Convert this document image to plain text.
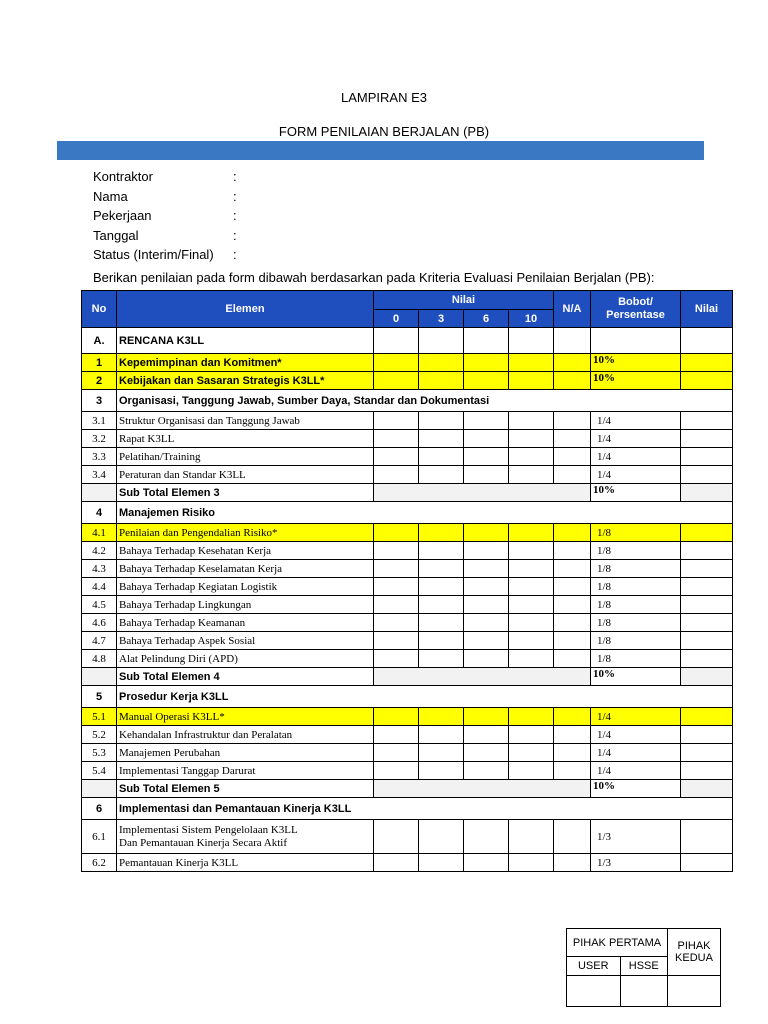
LAMPIRAN E3
FORM PENILAIAN BERJALAN (PB)
Kontraktor	:
Nama	:
Pekerjaan	:
Tanggal	:
Status (Interim/Final)	:
Berikan penilaian pada form dibawah berdasarkan pada Kriteria Evaluasi Penilaian Berjalan (PB):
No	Elemen	Nilai				N/A	Bobot/ Persentase	Nilai
		0	3	6	10			
A.	RENCANA K3LL							
1	Kepemimpinan dan Komitmen*						10%	
2	Kebijakan dan Sasaran Strategis K3LL*						10%	
3	Organisasi, Tanggung Jawab, Sumber Daya, Standar dan Dokumentasi							
3.1	Struktur Organisasi dan Tanggung Jawab						1/4	
3.2	Rapat K3LL						1/4	
3.3	Pelatihan/Training						1/4	
3.4	Peraturan dan Standar K3LL						1/4	
	Sub Total Elemen 3						10%	
4	Manajemen Risiko							
4.1	Penilaian dan Pengendalian Risiko*						1/8	
4.2	Bahaya Terhadap Kesehatan Kerja						1/8	
4.3	Bahaya Terhadap Keselamatan Kerja						1/8	
4.4	Bahaya Terhadap Kegiatan Logistik						1/8	
4.5	Bahaya Terhadap Lingkungan						1/8	
4.6	Bahaya Terhadap Keamanan						1/8	
4.7	Bahaya Terhadap Aspek Sosial						1/8	
4.8	Alat Pelindung Diri (APD)						1/8	
	Sub Total Elemen 4						10%	
5	Prosedur Kerja K3LL							
5.1	Manual Operasi K3LL*						1/4	
5.2	Kehandalan Infrastruktur dan Peralatan						1/4	
5.3	Manajemen Perubahan						1/4	
5.4	Implementasi Tanggap Darurat						1/4	
	Sub Total Elemen 5						10%	
6	Implementasi dan Pemantauan Kinerja K3LL							
6.1	Implementasi Sistem Pengelolaan K3LL
Dan Pemantauan Kinerja Secara Aktif						1/3	
6.2	Pemantauan Kinerja K3LL						1/3	
PIHAK PERTAMA		PIHAK KEDUA
USER	HSSE	
